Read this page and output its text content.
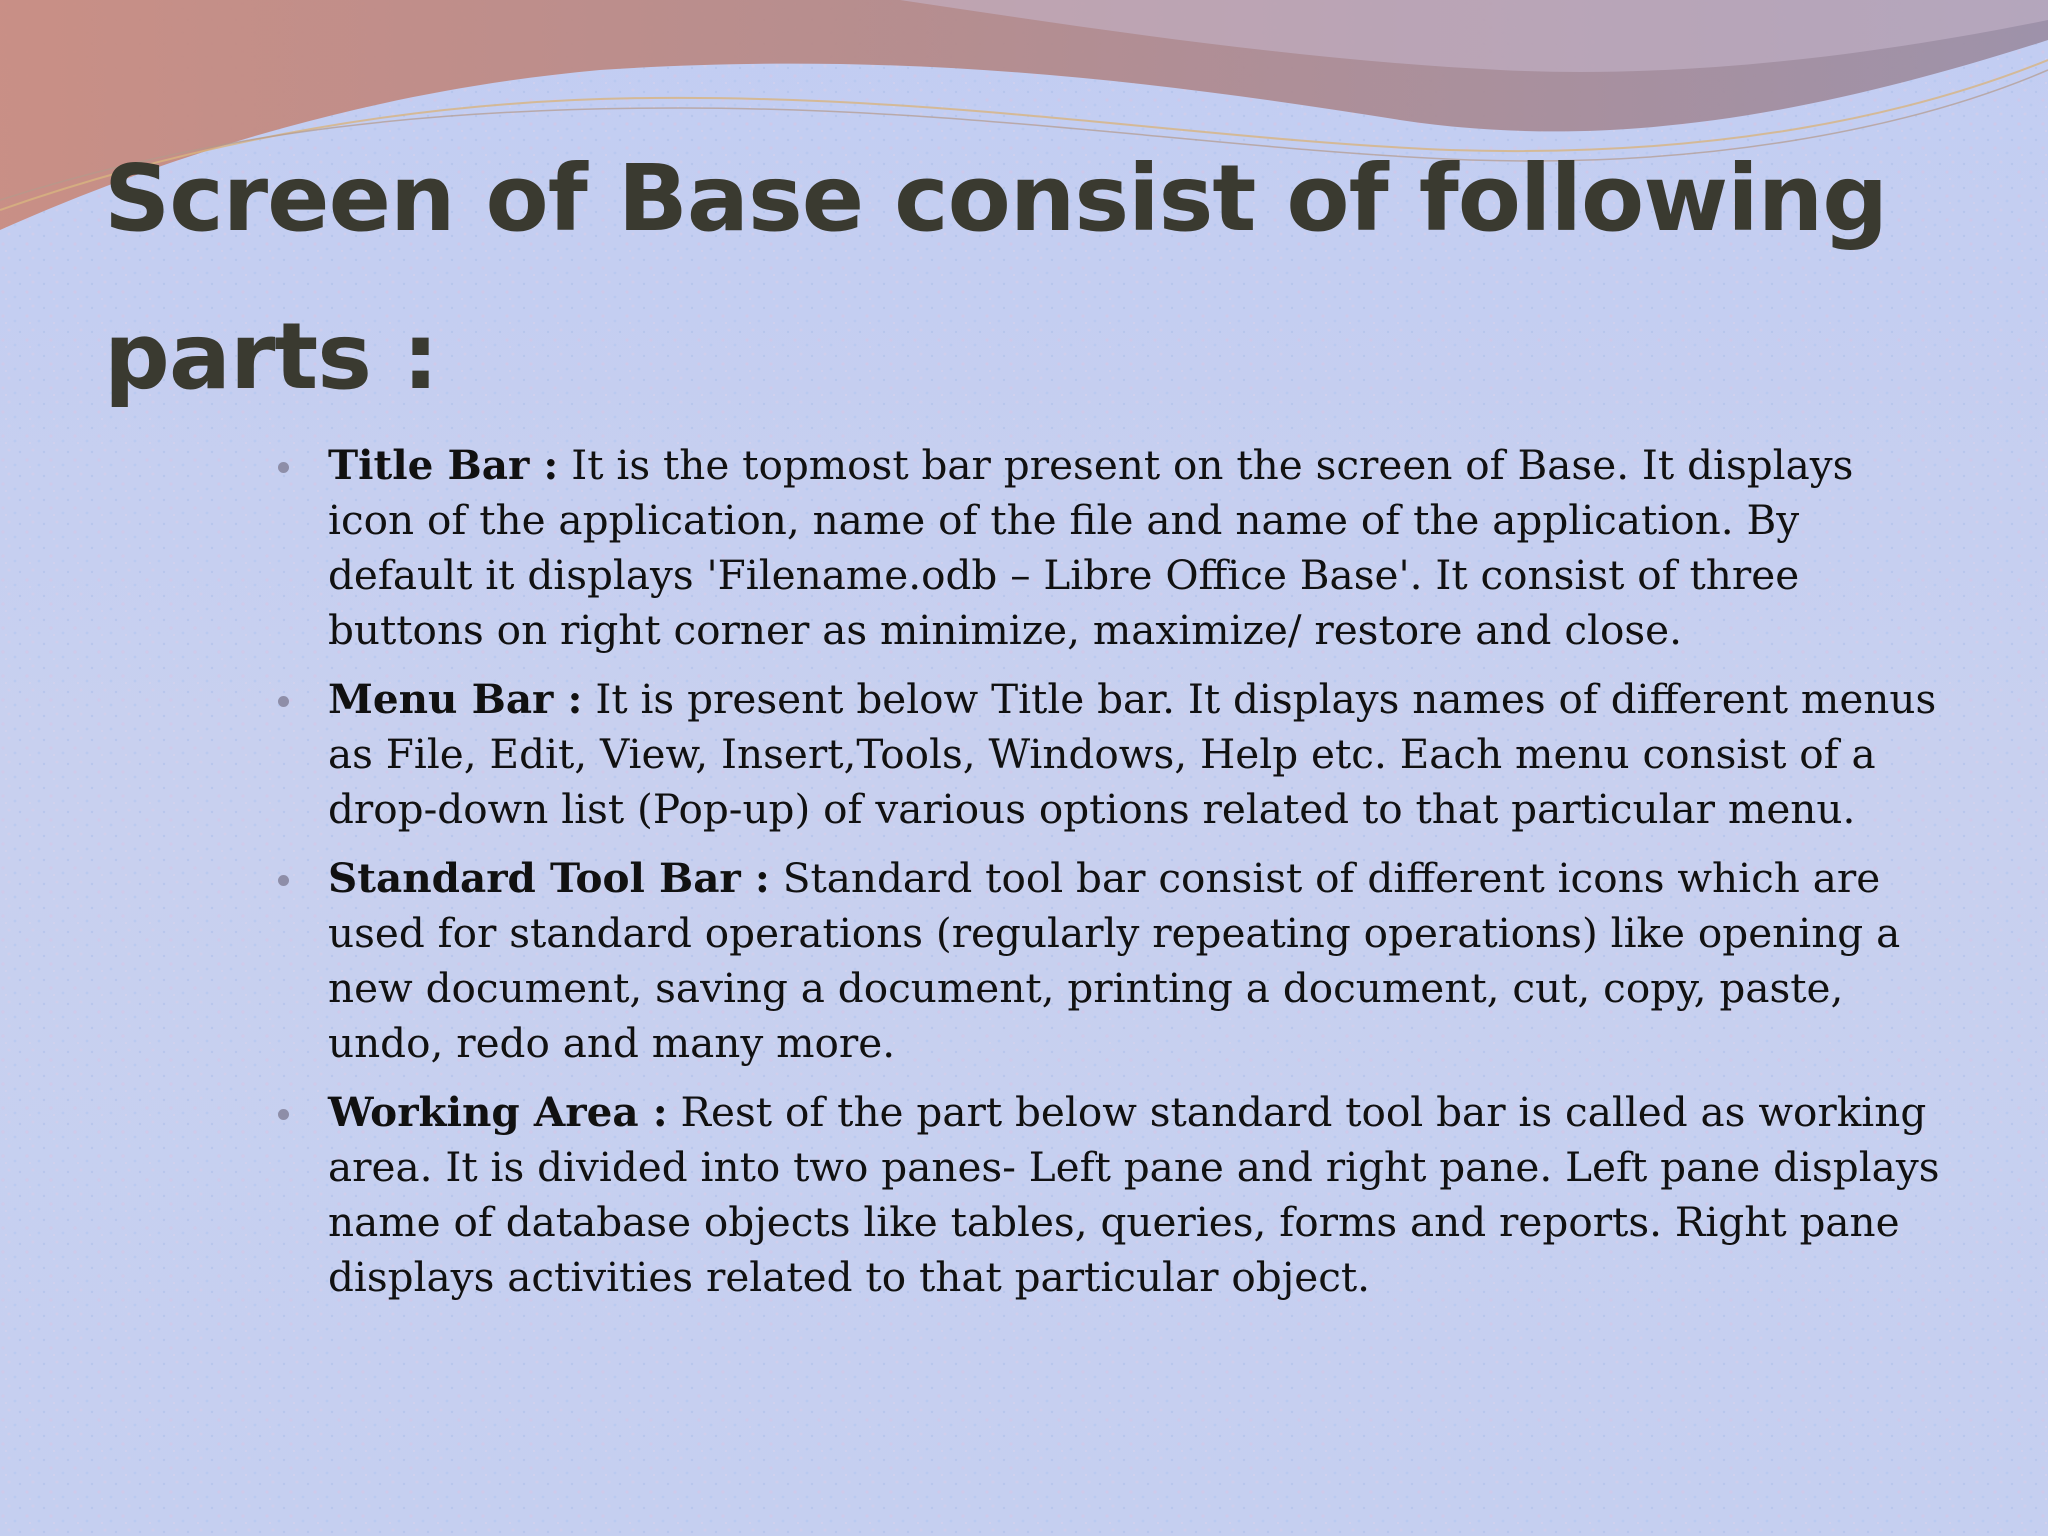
Screen of Base consist of following parts :
Title Bar : It is the topmost bar present on the screen of Base. It displays icon of the application, name of the file and name of the application. By default it displays 'Filename.odb – Libre Office Base'. It consist of three buttons on right corner as minimize, maximize/ restore and close.
Menu Bar : It is present below Title bar. It displays names of different menus as File, Edit, View, Insert,Tools, Windows, Help etc. Each menu consist of a drop-down list (Pop-up) of various options related to that particular menu.
Standard Tool Bar : Standard tool bar consist of different icons which are used for standard operations (regularly repeating operations) like opening a new document, saving a document, printing a document, cut, copy, paste, undo, redo and many more.
Working Area : Rest of the part below standard tool bar is called as working area. It is divided into two panes- Left pane and right pane. Left pane displays name of database objects like tables, queries, forms and reports. Right pane displays activities related to that particular object.
